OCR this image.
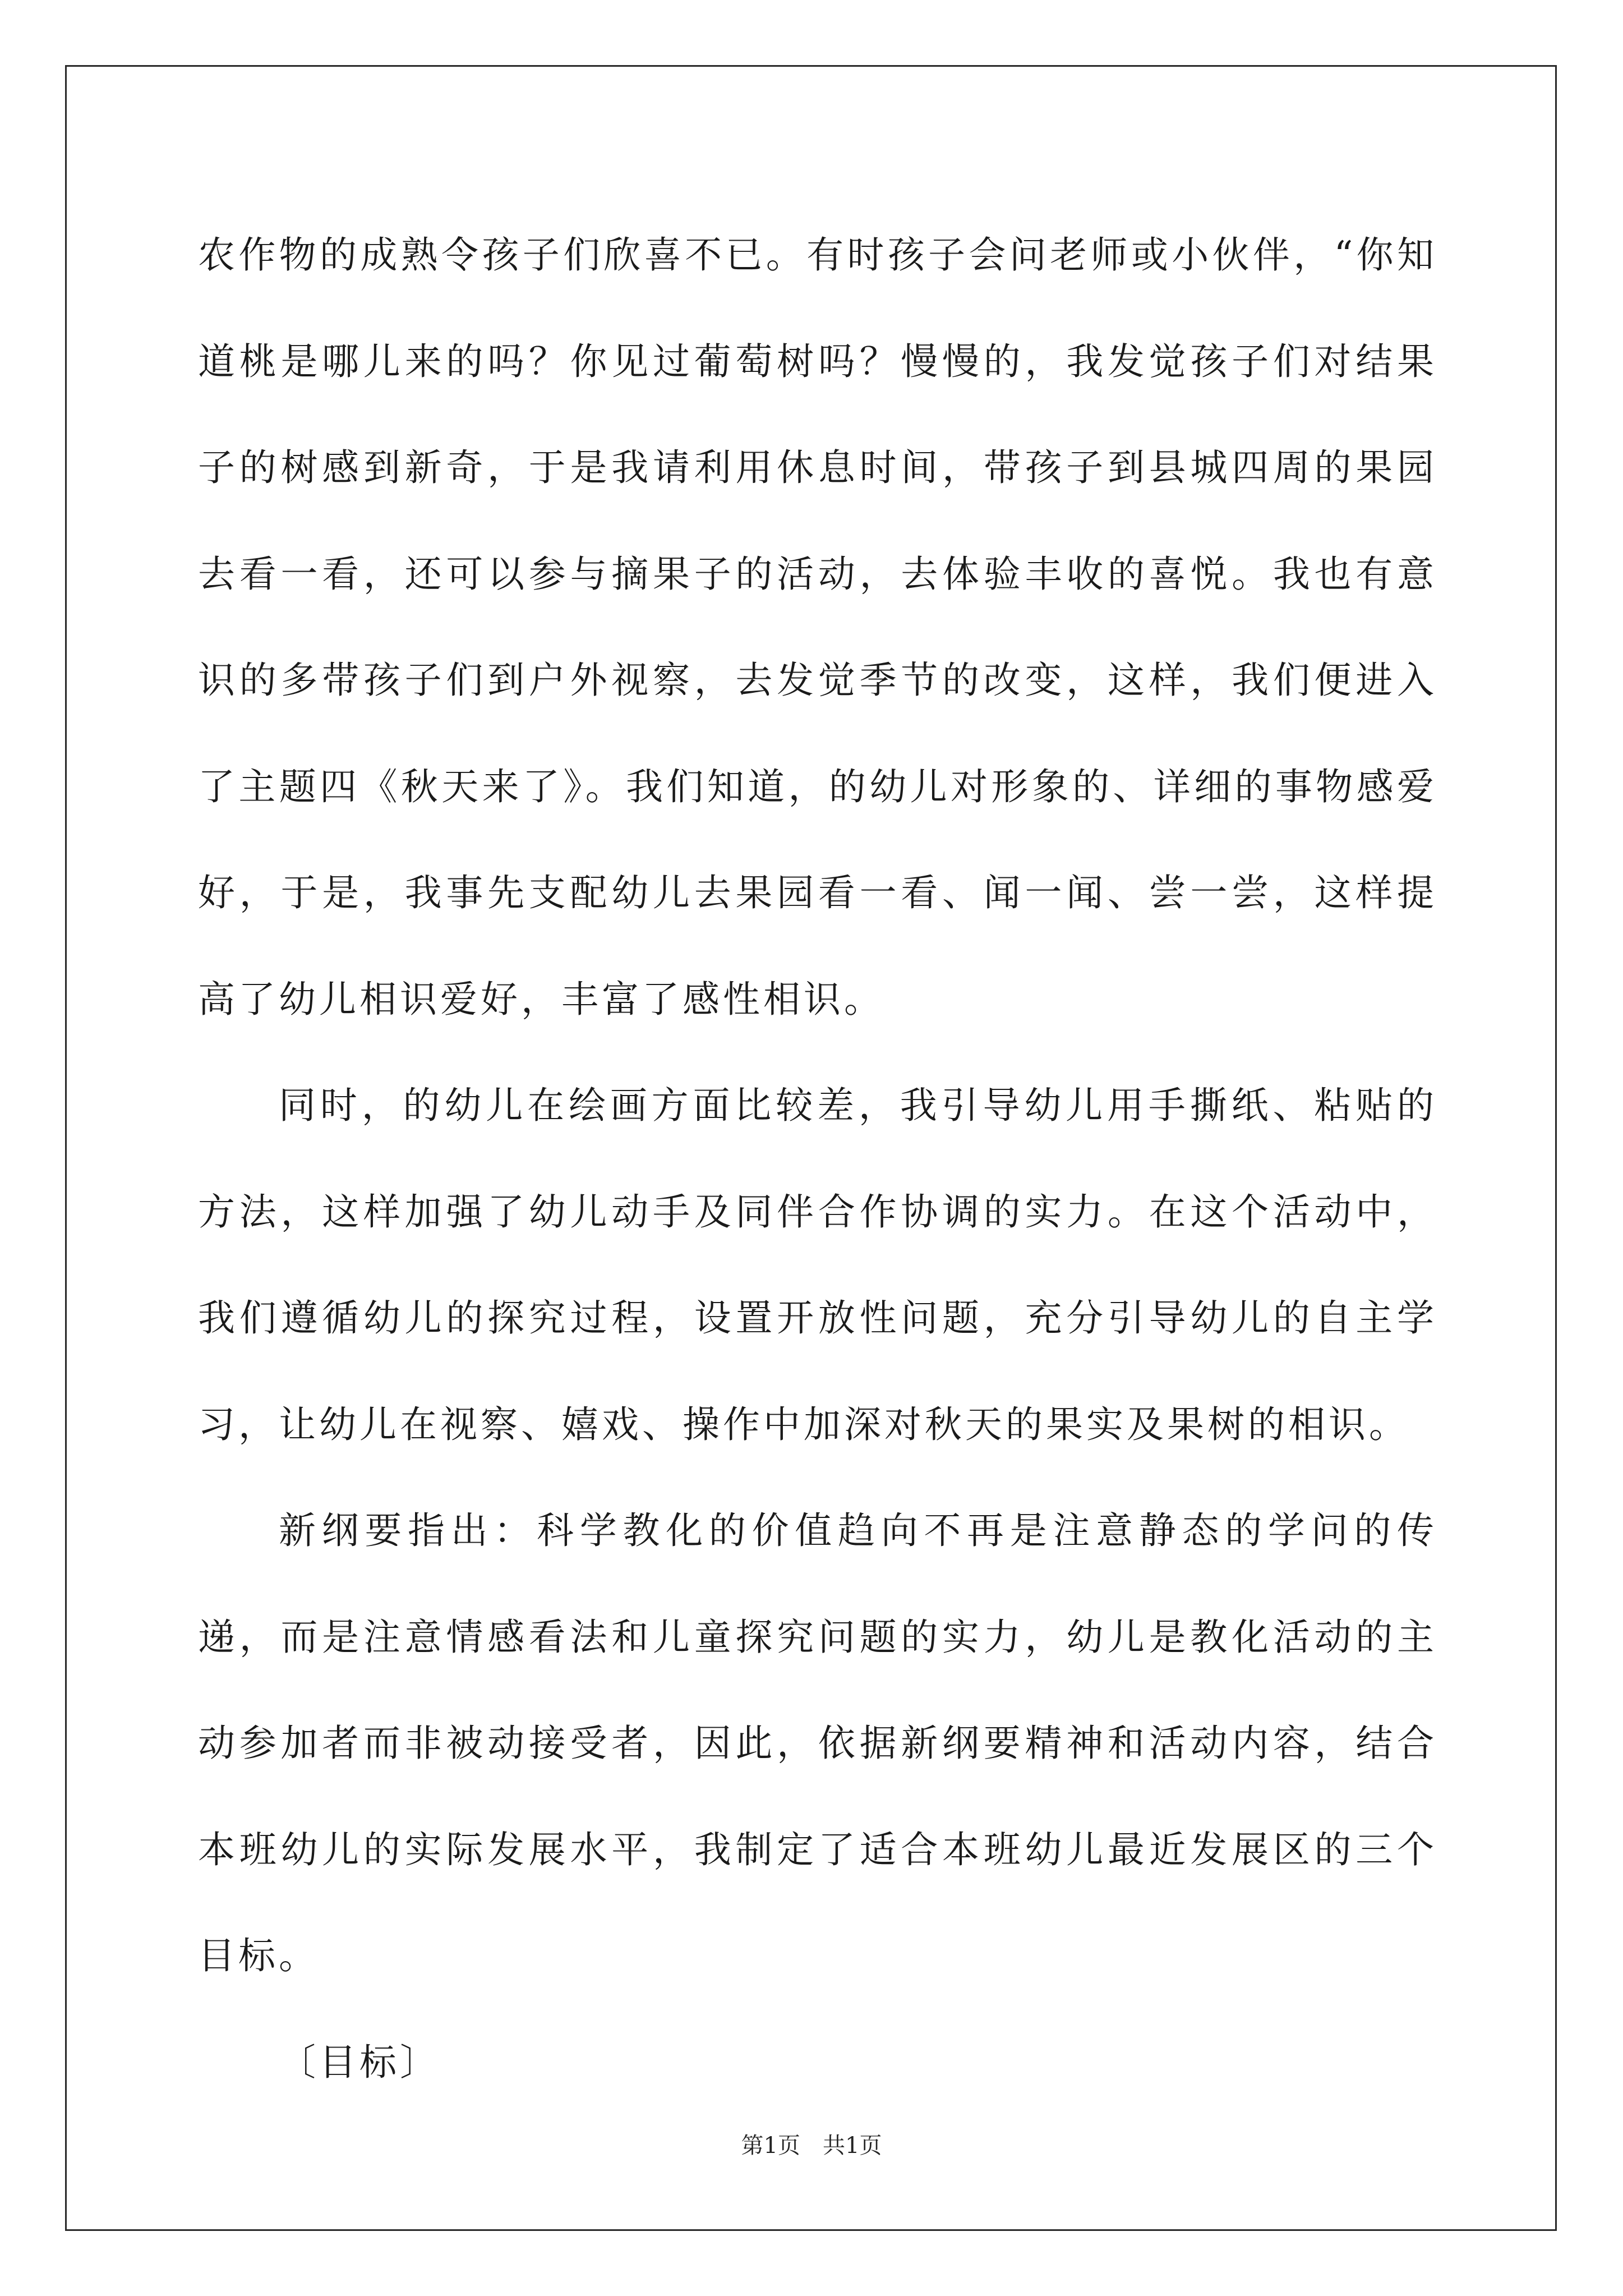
农作物的成熟令孩子们欣喜不已。有时孩子会问老师或小伙伴，“你知道桃是哪儿来的吗？你见过葡萄树吗？慢慢的，我发觉孩子们对结果子的树感到新奇，于是我请利用休息时间，带孩子到县城四周的果园去看一看，还可以参与摘果子的活动，去体验丰收的喜悦。我也有意识的多带孩子们到户外视察，去发觉季节的改变，这样，我们便进入了主题四《秋天来了》。我们知道，的幼儿对形象的、详细的事物感爱好，于是，我事先支配幼儿去果园看一看、闻一闻、尝一尝，这样提高了幼儿相识爱好，丰富了感性相识。

同时，的幼儿在绘画方面比较差，我引导幼儿用手撕纸、粘贴的方法，这样加强了幼儿动手及同伴合作协调的实力。在这个活动中，我们遵循幼儿的探究过程，设置开放性问题，充分引导幼儿的自主学习，让幼儿在视察、嬉戏、操作中加深对秋天的果实及果树的相识。

新纲要指出：科学教化的价值趋向不再是注意静态的学问的传递，而是注意情感看法和儿童探究问题的实力，幼儿是教化活动的主动参加者而非被动接受者，因此，依据新纲要精神和活动内容，结合本班幼儿的实际发展水平，我制定了适合本班幼儿最近发展区的三个目标。

〔目标〕

第1页 共1页
